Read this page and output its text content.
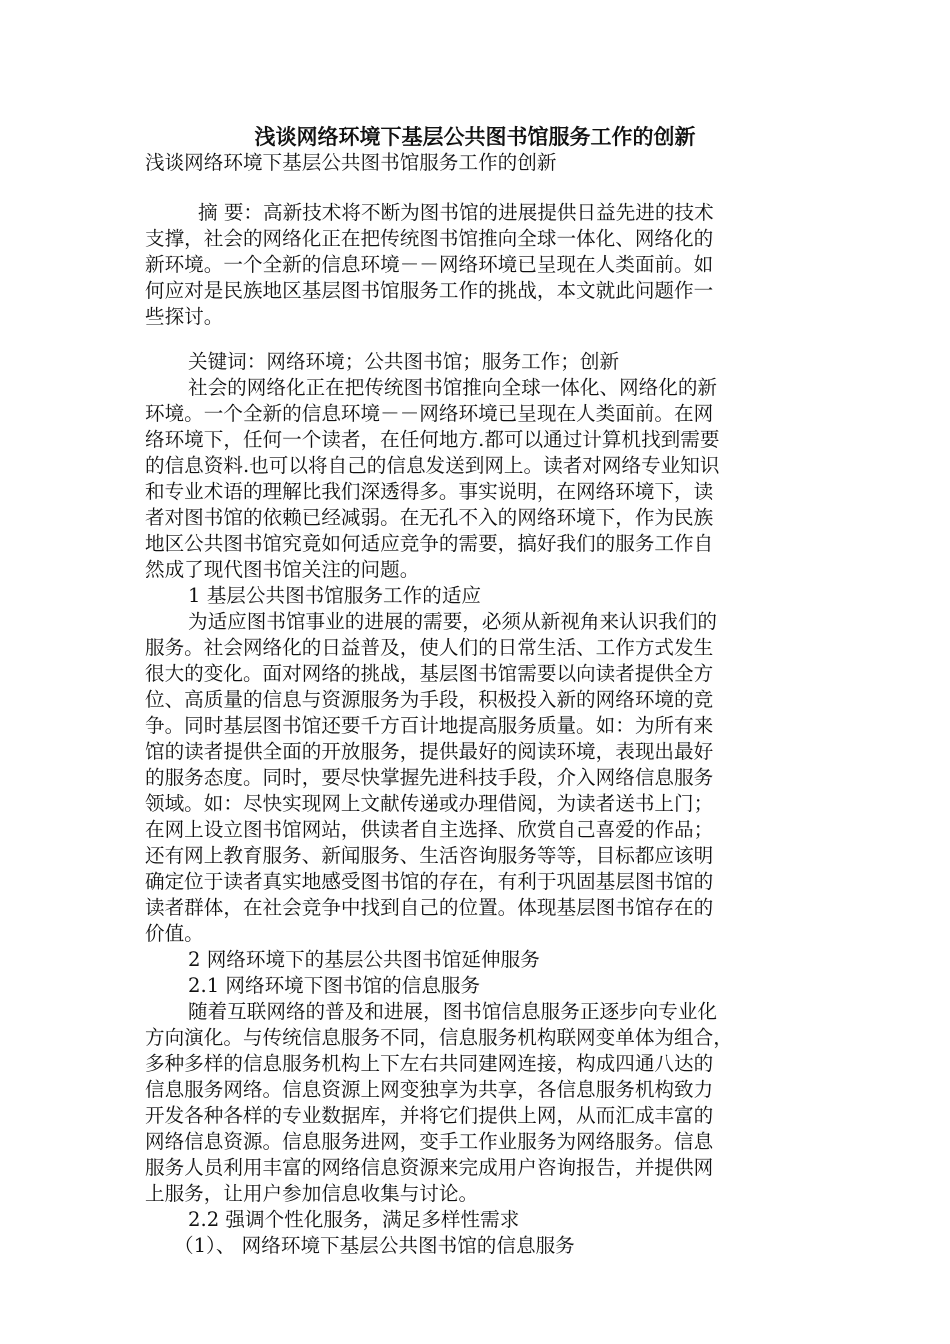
浅谈网络环境下基层公共图书馆服务工作的创新
浅谈网络环境下基层公共图书馆服务工作的创新
摘 要：高新技术将不断为图书馆的进展提供日益先进的技术
支撑，社会的网络化正在把传统图书馆推向全球一体化、网络化的
新环境。一个全新的信息环境－－网络环境已呈现在人类面前。如
何应对是民族地区基层图书馆服务工作的挑战，本文就此问题作一
些探讨。
关键词：网络环境；公共图书馆；服务工作；创新
社会的网络化正在把传统图书馆推向全球一体化、网络化的新
环境。一个全新的信息环境－－网络环境已呈现在人类面前。在网
络环境下，任何一个读者，在任何地方.都可以通过计算机找到需要
的信息资料.也可以将自己的信息发送到网上。读者对网络专业知识
和专业术语的理解比我们深透得多。事实说明，在网络环境下，读
者对图书馆的依赖已经减弱。在无孔不入的网络环境下，作为民族
地区公共图书馆究竟如何适应竞争的需要，搞好我们的服务工作自
然成了现代图书馆关注的问题。
1 基层公共图书馆服务工作的适应
为适应图书馆事业的进展的需要，必须从新视角来认识我们的
服务。社会网络化的日益普及，使人们的日常生活、工作方式发生
很大的变化。面对网络的挑战，基层图书馆需要以向读者提供全方
位、高质量的信息与资源服务为手段，积极投入新的网络环境的竞
争。同时基层图书馆还要千方百计地提高服务质量。如：为所有来
馆的读者提供全面的开放服务，提供最好的阅读环境，表现出最好
的服务态度。同时，要尽快掌握先进科技手段，介入网络信息服务
领域。如：尽快实现网上文献传递或办理借阅，为读者送书上门；
在网上设立图书馆网站，供读者自主选择、欣赏自己喜爱的作品；
还有网上教育服务、新闻服务、生活咨询服务等等，目标都应该明
确定位于读者真实地感受图书馆的存在，有利于巩固基层图书馆的
读者群体，在社会竞争中找到自己的位置。体现基层图书馆存在的
价值。
2 网络环境下的基层公共图书馆延伸服务
2.1 网络环境下图书馆的信息服务
随着互联网络的普及和进展，图书馆信息服务正逐步向专业化
方向演化。与传统信息服务不同，信息服务机构联网变单体为组合，
多种多样的信息服务机构上下左右共同建网连接，构成四通八达的
信息服务网络。信息资源上网变独享为共享，各信息服务机构致力
开发各种各样的专业数据库，并将它们提供上网，从而汇成丰富的
网络信息资源。信息服务进网，变手工作业服务为网络服务。信息
服务人员利用丰富的网络信息资源来完成用户咨询报告，并提供网
上服务，让用户参加信息收集与讨论。
2.2 强调个性化服务，满足多样性需求
（1）、 网络环境下基层公共图书馆的信息服务
